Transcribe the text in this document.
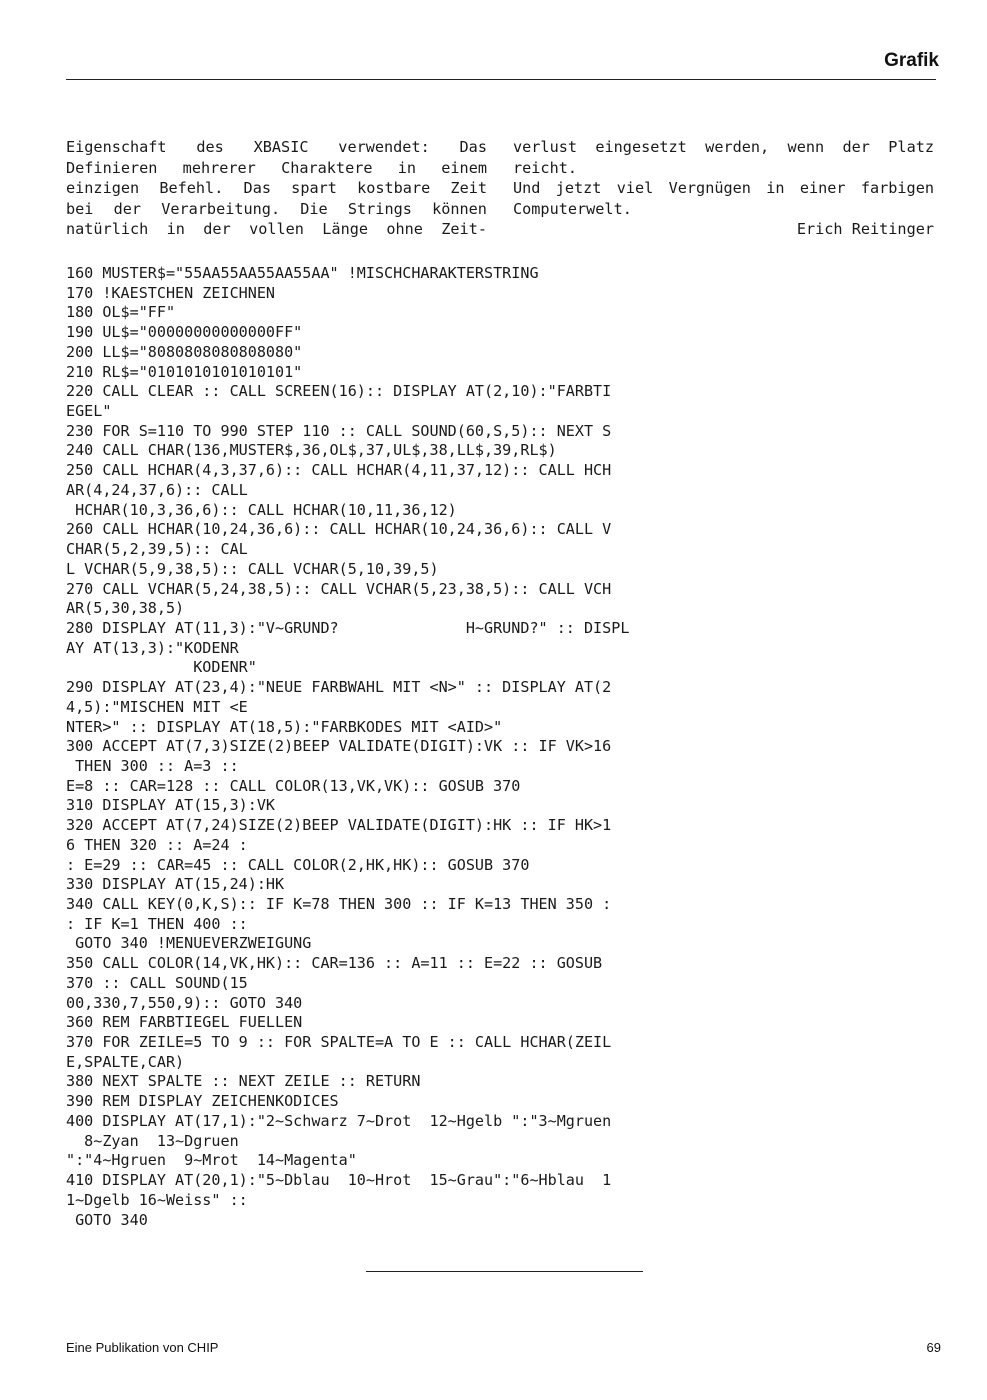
Grafik
Eigenschaft des XBASIC verwendet: Das
Definieren mehrerer Charaktere in einem
einzigen Befehl. Das spart kostbare Zeit
bei der Verarbeitung. Die Strings können
natürlich in der vollen Länge ohne Zeit-
verlust eingesetzt werden, wenn der Platz
reicht.
Und jetzt viel Vergnügen in einer farbigen
Computerwelt.
Erich Reitinger
160 MUSTER$="55AA55AA55AA55AA" !MISCHCHARAKTERSTRING
170 !KAESTCHEN ZEICHNEN
180 OL$="FF"
190 UL$="00000000000000FF"
200 LL$="8080808080808080"
210 RL$="0101010101010101"
220 CALL CLEAR :: CALL SCREEN(16):: DISPLAY AT(2,10):"FARBTI
EGEL"
230 FOR S=110 TO 990 STEP 110 :: CALL SOUND(60,S,5):: NEXT S
240 CALL CHAR(136,MUSTER$,36,OL$,37,UL$,38,LL$,39,RL$)
250 CALL HCHAR(4,3,37,6):: CALL HCHAR(4,11,37,12):: CALL HCH
AR(4,24,37,6):: CALL
HCHAR(10,3,36,6):: CALL HCHAR(10,11,36,12)
260 CALL HCHAR(10,24,36,6):: CALL HCHAR(10,24,36,6):: CALL V
CHAR(5,2,39,5):: CAL
L VCHAR(5,9,38,5):: CALL VCHAR(5,10,39,5)
270 CALL VCHAR(5,24,38,5):: CALL VCHAR(5,23,38,5):: CALL VCH
AR(5,30,38,5)
280 DISPLAY AT(11,3):"V~GRUND?              H~GRUND?" :: DISPL
AY AT(13,3):"KODENR
KODENR"
290 DISPLAY AT(23,4):"NEUE FARBWAHL MIT <N>" :: DISPLAY AT(2
4,5):"MISCHEN MIT <E
NTER>" :: DISPLAY AT(18,5):"FARBKODES MIT <AID>"
300 ACCEPT AT(7,3)SIZE(2)BEEP VALIDATE(DIGIT):VK :: IF VK>16
THEN 300 :: A=3 ::
E=8 :: CAR=128 :: CALL COLOR(13,VK,VK):: GOSUB 370
310 DISPLAY AT(15,3):VK
320 ACCEPT AT(7,24)SIZE(2)BEEP VALIDATE(DIGIT):HK :: IF HK>1
6 THEN 320 :: A=24 :
: E=29 :: CAR=45 :: CALL COLOR(2,HK,HK):: GOSUB 370
330 DISPLAY AT(15,24):HK
340 CALL KEY(0,K,S):: IF K=78 THEN 300 :: IF K=13 THEN 350 :
: IF K=1 THEN 400 ::
GOTO 340 !MENUEVERZWEIGUNG
350 CALL COLOR(14,VK,HK):: CAR=136 :: A=11 :: E=22 :: GOSUB
370 :: CALL SOUND(15
00,330,7,550,9):: GOTO 340
360 REM FARBTIEGEL FUELLEN
370 FOR ZEILE=5 TO 9 :: FOR SPALTE=A TO E :: CALL HCHAR(ZEIL
E,SPALTE,CAR)
380 NEXT SPALTE :: NEXT ZEILE :: RETURN
390 REM DISPLAY ZEICHENKODICES
400 DISPLAY AT(17,1):"2~Schwarz 7~Drot  12~Hgelb ":"3~Mgruen
8~Zyan  13~Dgruen
":"4~Hgruen  9~Mrot  14~Magenta"
410 DISPLAY AT(20,1):"5~Dblau  10~Hrot  15~Grau":"6~Hblau  1
1~Dgelb 16~Weiss" ::
GOTO 340
Eine Publikation von CHIP	69
